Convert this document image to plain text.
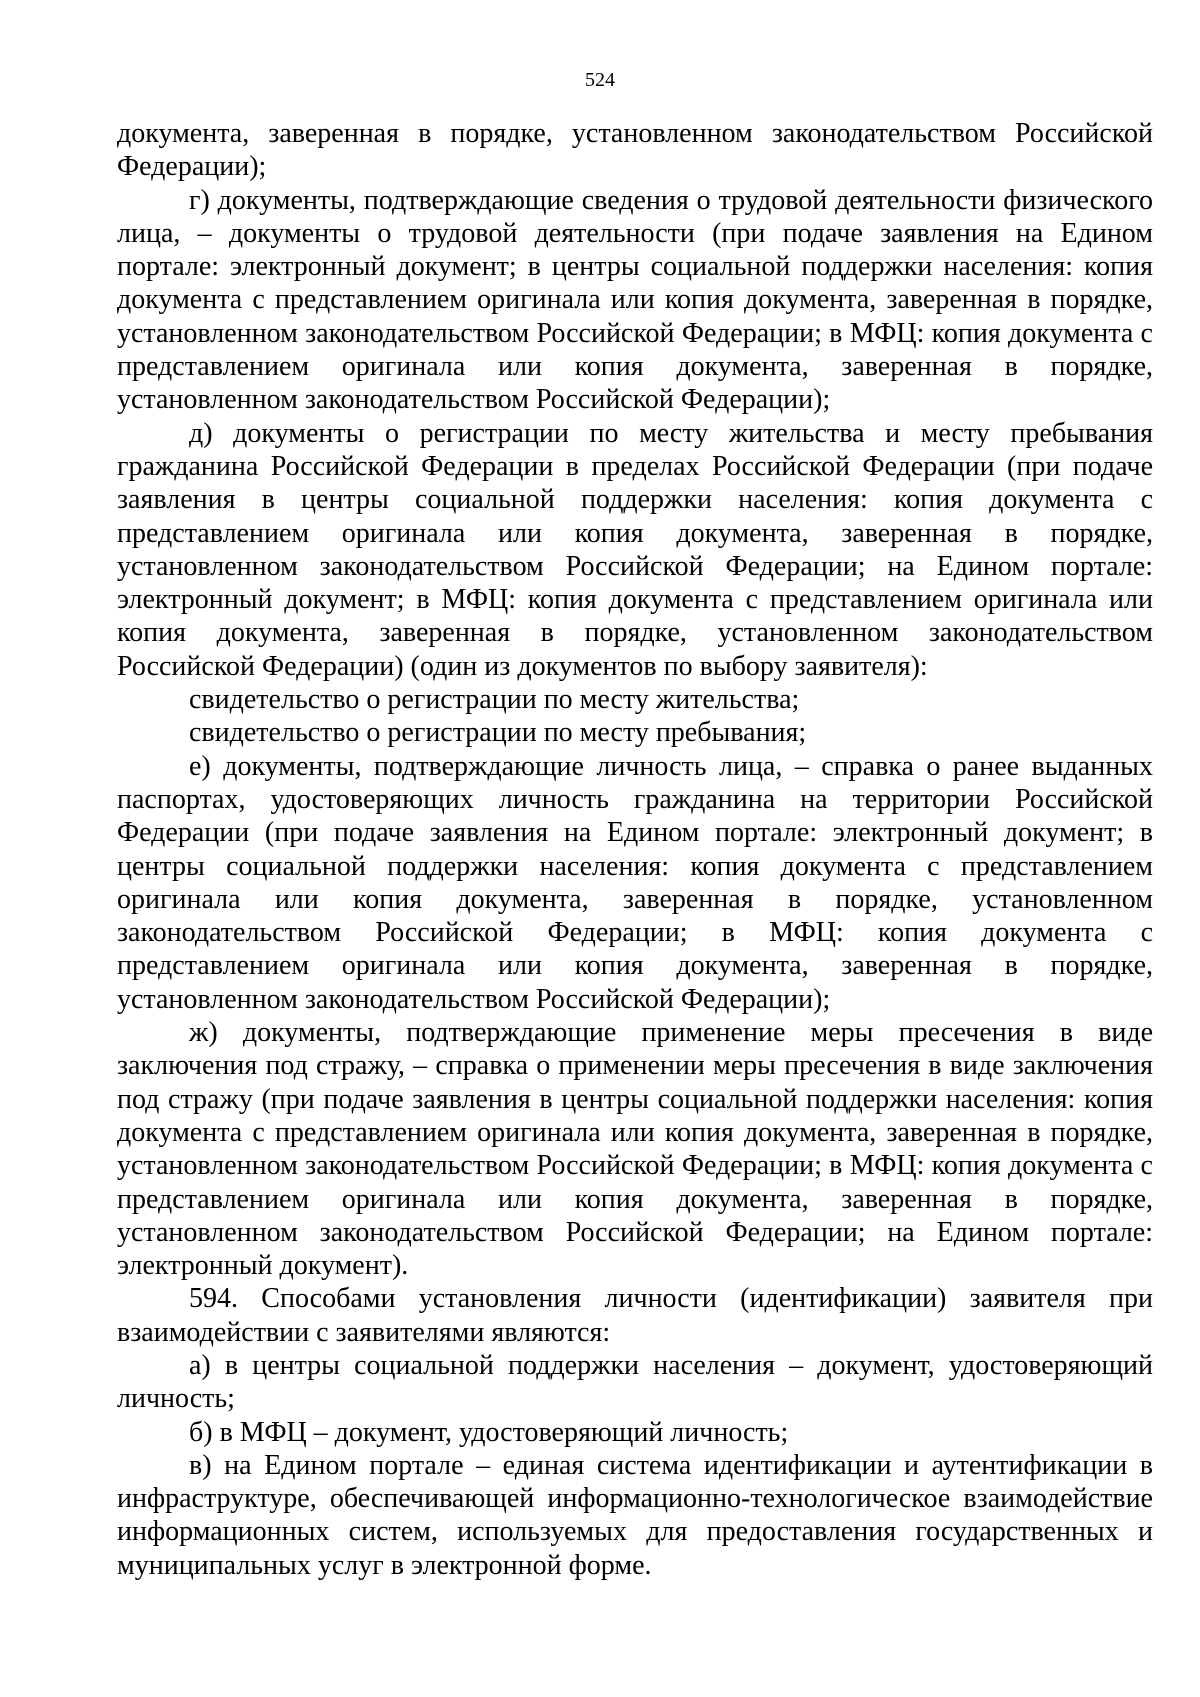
524

документа, заверенная в порядке, установленном законодательством Российской Федерации);

г) документы, подтверждающие сведения о трудовой деятельности физического лица, – документы о трудовой деятельности (при подаче заявления на Едином портале: электронный документ; в центры социальной поддержки населения: копия документа с представлением оригинала или копия документа, заверенная в порядке, установленном законодательством Российской Федерации; в МФЦ: копия документа с представлением оригинала или копия документа, заверенная в порядке, установленном законодательством Российской Федерации);

д) документы о регистрации по месту жительства и месту пребывания гражданина Российской Федерации в пределах Российской Федерации (при подаче заявления в центры социальной поддержки населения: копия документа с представлением оригинала или копия документа, заверенная в порядке, установленном законодательством Российской Федерации; на Едином портале: электронный документ; в МФЦ: копия документа с представлением оригинала или копия документа, заверенная в порядке, установленном законодательством Российской Федерации) (один из документов по выбору заявителя):

свидетельство о регистрации по месту жительства;

свидетельство о регистрации по месту пребывания;

е) документы, подтверждающие личность лица, – справка о ранее выданных паспортах, удостоверяющих личность гражданина на территории Российской Федерации (при подаче заявления на Едином портале: электронный документ; в центры социальной поддержки населения: копия документа с представлением оригинала или копия документа, заверенная в порядке, установленном законодательством Российской Федерации; в МФЦ: копия документа с представлением оригинала или копия документа, заверенная в порядке, установленном законодательством Российской Федерации);

ж) документы, подтверждающие применение меры пресечения в виде заключения под стражу, – справка о применении меры пресечения в виде заключения под стражу (при подаче заявления в центры социальной поддержки населения: копия документа с представлением оригинала или копия документа, заверенная в порядке, установленном законодательством Российской Федерации; в МФЦ: копия документа с представлением оригинала или копия документа, заверенная в порядке, установленном законодательством Российской Федерации; на Едином портале: электронный документ).

594. Способами установления личности (идентификации) заявителя при взаимодействии с заявителями являются:

а) в центры социальной поддержки населения – документ, удостоверяющий личность;

б) в МФЦ – документ, удостоверяющий личность;

в) на Едином портале – единая система идентификации и аутентификации в инфраструктуре, обеспечивающей информационно-технологическое взаимодействие информационных систем, используемых для предоставления государственных и муниципальных услуг в электронной форме.
